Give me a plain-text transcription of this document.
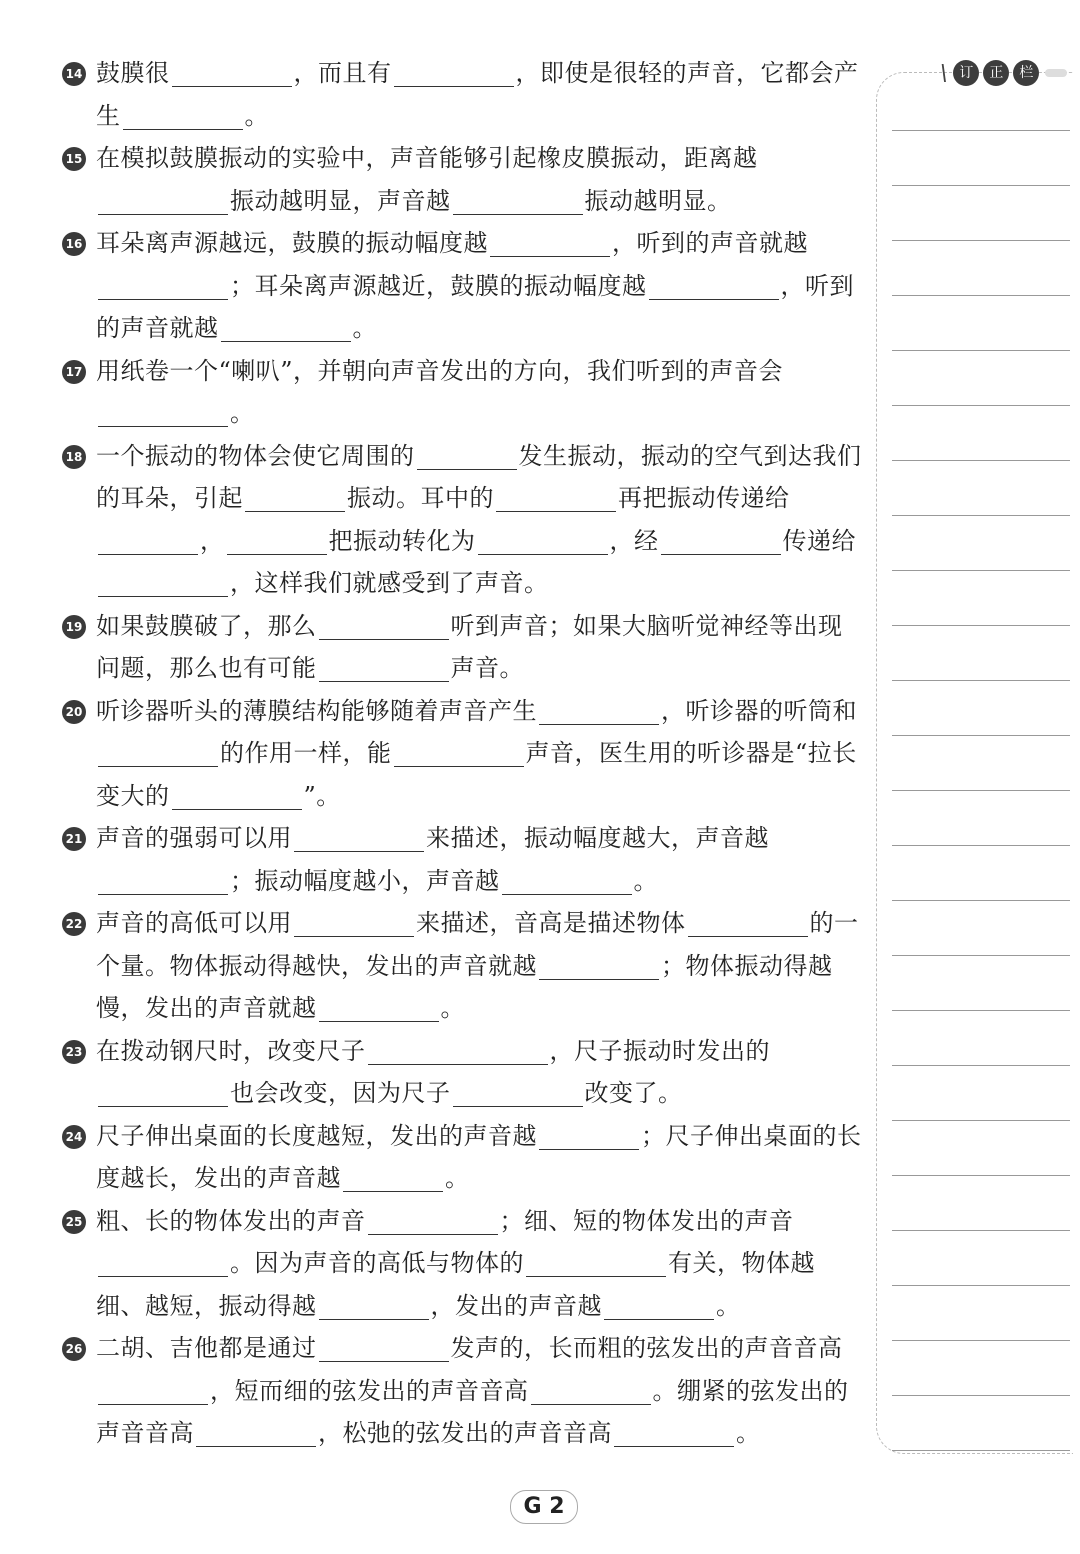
14 鼓膜很	，而且有	，即使是很轻的声音，它都会产生	。
15 在模拟鼓膜振动的实验中，声音能够引起橡皮膜振动，距离越振动越明显，声音越	振动越明显。
16 耳朵离声源越远，鼓膜的振动幅度越	，听到的声音就越；耳朵离声源越近，鼓膜的振动幅度越	，听到的声音就越	。
17 用纸卷一个“喇叭”，并朝向声音发出的方向，我们听到的声音会。
18 一个振动的物体会使它周围的	发生振动，振动的空气到达我们的耳朵，引起	振动。耳中的	再把振动传递给，	把振动转化为	，经	传递给，这样我们就感受到了声音。
19 如果鼓膜破了，那么	听到声音；如果大脑听觉神经等出现问题，那么也有可能	声音。
20 听诊器听头的薄膜结构能够随着声音产生	，听诊器的听筒和的作用一样，能	声音，医生用的听诊器是“拉长变大的	”。
21 声音的强弱可以用	来描述，振动幅度越大，声音越；振动幅度越小，声音越	。
22 声音的高低可以用	来描述，音高是描述物体	的一个量。物体振动得越快，发出的声音就越	；物体振动得越慢，发出的声音就越	。
23 在拨动钢尺时，改变尺子	，尺子振动时发出的也会改变，因为尺子	改变了。
24 尺子伸出桌面的长度越短，发出的声音越	；尺子伸出桌面的长度越长，发出的声音越	。
25 粗、长的物体发出的声音	；细、短的物体发出的声音。因为声音的高低与物体的	有关，物体越细、越短，振动得越	，发出的声音越	。
26 二胡、吉他都是通过	发声的，长而粗的弦发出的声音音高，短而细的弦发出的声音音高	。绷紧的弦发出的声音音高	，松弛的弦发出的声音音高	。
\ 订	正	栏
G 2
